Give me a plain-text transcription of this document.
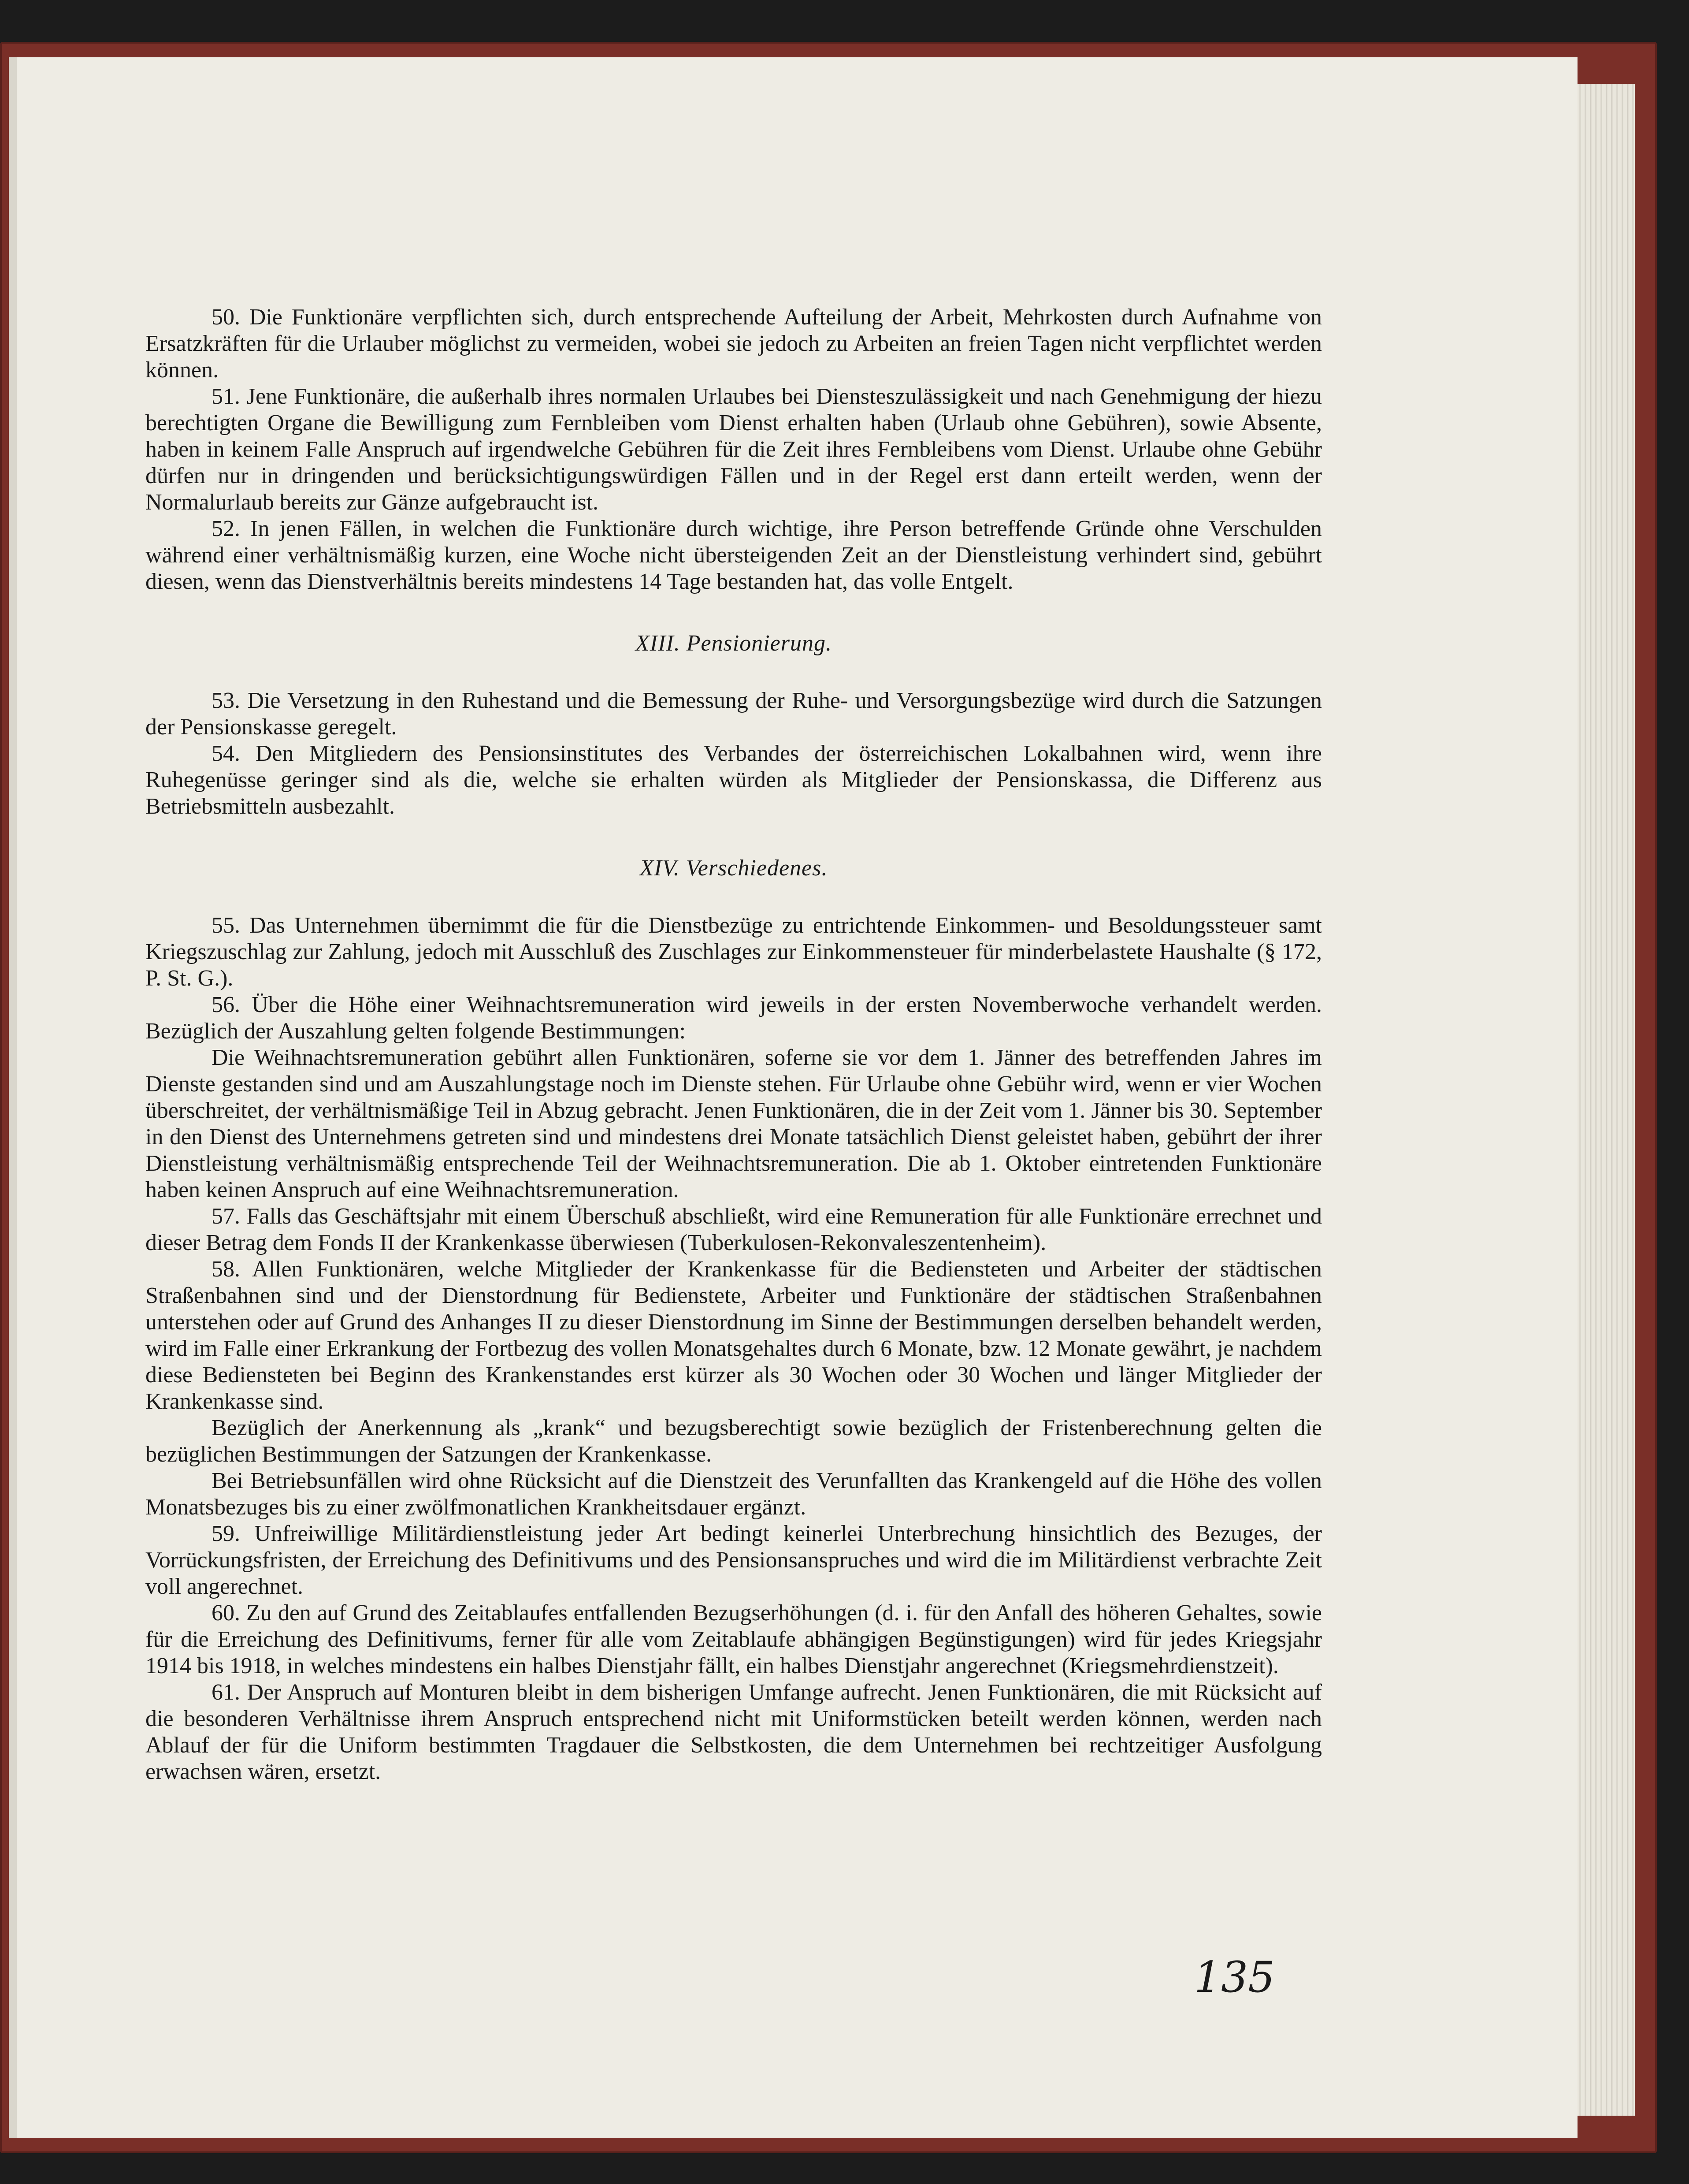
50. Die Funktionäre verpflichten sich, durch entsprechende Aufteilung der Arbeit, Mehrkosten durch Aufnahme von Ersatzkräften für die Urlauber möglichst zu vermeiden, wobei sie jedoch zu Arbeiten an freien Tagen nicht verpflichtet werden können.

51. Jene Funktionäre, die außerhalb ihres normalen Urlaubes bei Diensteszulässigkeit und nach Genehmigung der hiezu berechtigten Organe die Bewilligung zum Fernbleiben vom Dienst erhalten haben (Urlaub ohne Gebühren), sowie Absente, haben in keinem Falle Anspruch auf irgendwelche Gebühren für die Zeit ihres Fernbleibens vom Dienst. Urlaube ohne Gebühr dürfen nur in dringenden und berücksichtigungswürdigen Fällen und in der Regel erst dann erteilt werden, wenn der Normalurlaub bereits zur Gänze aufgebraucht ist.

52. In jenen Fällen, in welchen die Funktionäre durch wichtige, ihre Person betreffende Gründe ohne Verschulden während einer verhältnismäßig kurzen, eine Woche nicht übersteigenden Zeit an der Dienstleistung verhindert sind, gebührt diesen, wenn das Dienstverhältnis bereits mindestens 14 Tage bestanden hat, das volle Entgelt.

XIII. Pensionierung.

53. Die Versetzung in den Ruhestand und die Bemessung der Ruhe- und Versorgungsbezüge wird durch die Satzungen der Pensionskasse geregelt.

54. Den Mitgliedern des Pensionsinstitutes des Verbandes der österreichischen Lokalbahnen wird, wenn ihre Ruhegenüsse geringer sind als die, welche sie erhalten würden als Mitglieder der Pensionskassa, die Differenz aus Betriebsmitteln ausbezahlt.

XIV. Verschiedenes.

55. Das Unternehmen übernimmt die für die Dienstbezüge zu entrichtende Einkommen- und Besoldungssteuer samt Kriegszuschlag zur Zahlung, jedoch mit Ausschluß des Zuschlages zur Einkommensteuer für minderbelastete Haushalte (§ 172, P. St. G.).

56. Über die Höhe einer Weihnachtsremuneration wird jeweils in der ersten Novemberwoche verhandelt werden. Bezüglich der Auszahlung gelten folgende Bestimmungen:

Die Weihnachtsremuneration gebührt allen Funktionären, soferne sie vor dem 1. Jänner des betreffenden Jahres im Dienste gestanden sind und am Auszahlungstage noch im Dienste stehen. Für Urlaube ohne Gebühr wird, wenn er vier Wochen überschreitet, der verhältnismäßige Teil in Abzug gebracht. Jenen Funktionären, die in der Zeit vom 1. Jänner bis 30. September in den Dienst des Unternehmens getreten sind und mindestens drei Monate tatsächlich Dienst geleistet haben, gebührt der ihrer Dienstleistung verhältnismäßig entsprechende Teil der Weihnachtsremuneration. Die ab 1. Oktober eintretenden Funktionäre haben keinen Anspruch auf eine Weihnachtsremuneration.

57. Falls das Geschäftsjahr mit einem Überschuß abschließt, wird eine Remuneration für alle Funktionäre errechnet und dieser Betrag dem Fonds II der Krankenkasse überwiesen (Tuberkulosen-Rekonvaleszentenheim).

58. Allen Funktionären, welche Mitglieder der Krankenkasse für die Bediensteten und Arbeiter der städtischen Straßenbahnen sind und der Dienstordnung für Bedienstete, Arbeiter und Funktionäre der städtischen Straßenbahnen unterstehen oder auf Grund des Anhanges II zu dieser Dienstordnung im Sinne der Bestimmungen derselben behandelt werden, wird im Falle einer Erkrankung der Fortbezug des vollen Monatsgehaltes durch 6 Monate, bzw. 12 Monate gewährt, je nachdem diese Bediensteten bei Beginn des Krankenstandes erst kürzer als 30 Wochen oder 30 Wochen und länger Mitglieder der Krankenkasse sind.

Bezüglich der Anerkennung als „krank“ und bezugsberechtigt sowie bezüglich der Fristenberechnung gelten die bezüglichen Bestimmungen der Satzungen der Krankenkasse.

Bei Betriebsunfällen wird ohne Rücksicht auf die Dienstzeit des Verunfallten das Krankengeld auf die Höhe des vollen Monatsbezuges bis zu einer zwölfmonatlichen Krankheitsdauer ergänzt.

59. Unfreiwillige Militärdienstleistung jeder Art bedingt keinerlei Unterbrechung hinsichtlich des Bezuges, der Vorrückungsfristen, der Erreichung des Definitivums und des Pensionsanspruches und wird die im Militärdienst verbrachte Zeit voll angerechnet.

60. Zu den auf Grund des Zeitablaufes entfallenden Bezugserhöhungen (d. i. für den Anfall des höheren Gehaltes, sowie für die Erreichung des Definitivums, ferner für alle vom Zeitablaufe abhängigen Begünstigungen) wird für jedes Kriegsjahr 1914 bis 1918, in welches mindestens ein halbes Dienstjahr fällt, ein halbes Dienstjahr angerechnet (Kriegsmehrdienstzeit).

61. Der Anspruch auf Monturen bleibt in dem bisherigen Umfange aufrecht. Jenen Funktionären, die mit Rücksicht auf die besonderen Verhältnisse ihrem Anspruch entsprechend nicht mit Uniformstücken beteilt werden können, werden nach Ablauf der für die Uniform bestimmten Tragdauer die Selbstkosten, die dem Unternehmen bei rechtzeitiger Ausfolgung erwachsen wären, ersetzt.

135
